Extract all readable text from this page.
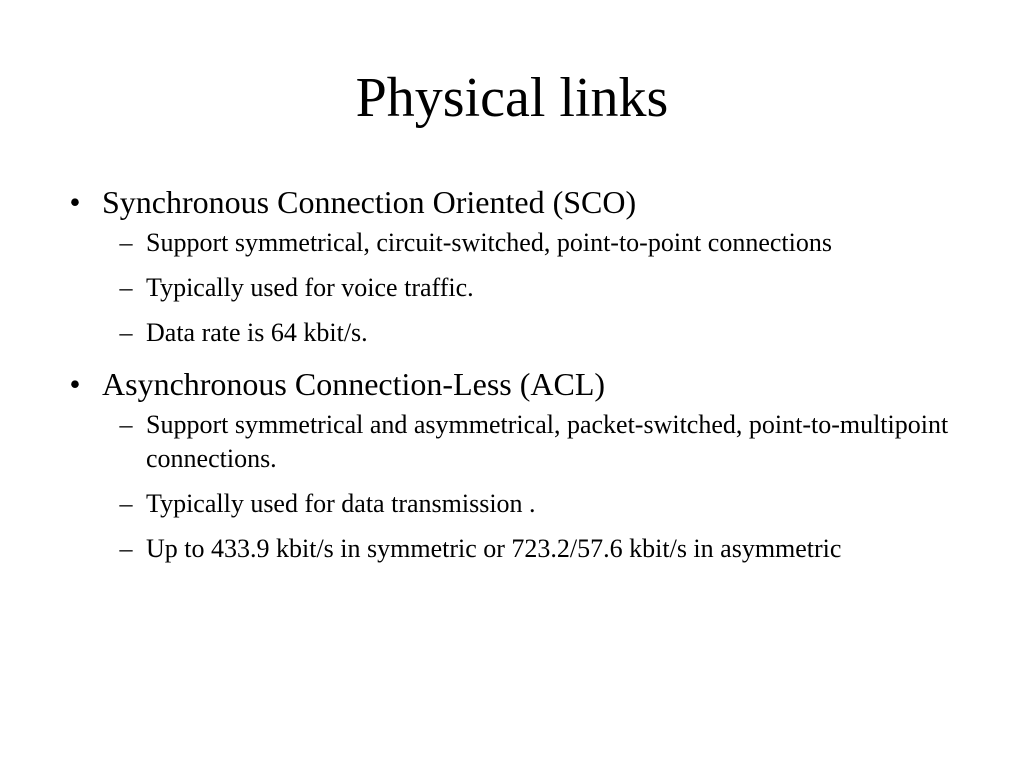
Physical links

• Synchronous Connection Oriented (SCO)

– Support symmetrical, circuit-switched, point-to-point connections

– Typically used for voice traffic.

– Data rate is 64 kbit/s.

• Asynchronous Connection-Less (ACL)

– Support symmetrical and asymmetrical, packet-switched, point-to-multipoint connections.

– Typically used for data transmission .

– Up to 433.9 kbit/s in symmetric or 723.2/57.6 kbit/s in asymmetric
